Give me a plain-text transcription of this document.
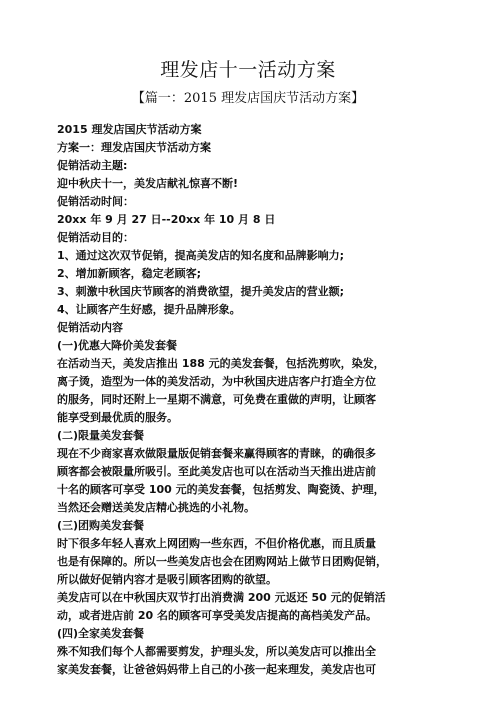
理发店十一活动方案
【篇一：2015 理发店国庆节活动方案】

2015 理发店国庆节活动方案

方案一：理发店国庆节活动方案

促销活动主题:

迎中秋庆十一，美发店献礼惊喜不断!

促销活动时间：

20xx 年 9 月 27 日--20xx 年 10 月 8 日

促销活动目的：

1、通过这次双节促销，提高美发店的知名度和品牌影响力;

2、增加新顾客，稳定老顾客;

3、刺激中秋国庆节顾客的消费欲望，提升美发店的营业额;

4、让顾客产生好感，提升品牌形象。

促销活动内容

(一)优惠大降价美发套餐

在活动当天，美发店推出 188 元的美发套餐，包括洗剪吹，染发，

离子烫，造型为一体的美发活动，为中秋国庆进店客户打造全方位

的服务，同时还附上一星期不满意，可免费在重做的声明，让顾客

能享受到最优质的服务。

(二)限量美发套餐

现在不少商家喜欢做限量版促销套餐来赢得顾客的青睐，的确很多

顾客都会被限量所吸引。至此美发店也可以在活动当天推出进店前

十名的顾客可享受 100 元的美发套餐，包括剪发、陶瓷烫、护理，

当然还会赠送美发店精心挑选的小礼物。

(三)团购美发套餐

时下很多年轻人喜欢上网团购一些东西，不但价格优惠，而且质量

也是有保障的。所以一些美发店也会在团购网站上做节日团购促销，

所以做好促销内容才是吸引顾客团购的欲望。

美发店可以在中秋国庆双节打出消费满 200 元返还 50 元的促销活

动，或者进店前 20 名的顾客可享受美发店提高的高档美发产品。

(四)全家美发套餐

殊不知我们每个人都需要剪发，护理头发，所以美发店可以推出全

家美发套餐，让爸爸妈妈带上自己的小孩一起来理发，美发店也可
